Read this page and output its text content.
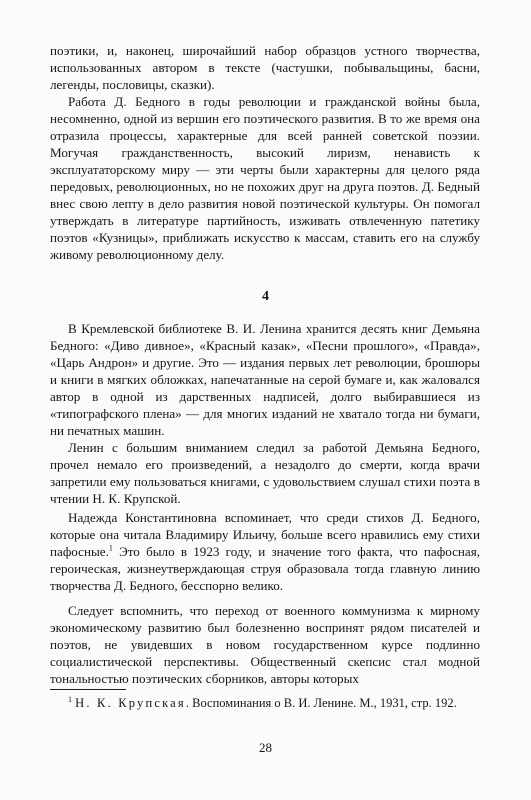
поэтики, и, наконец, широчайший набор образцов устного творчества, использованных автором в тексте (частушки, побывальщины, басни, легенды, пословицы, сказки).

Работа Д. Бедного в годы революции и гражданской войны была, несомненно, одной из вершин его поэтического развития. В то же время она отразила процессы, характерные для всей ранней советской поэзии. Могучая гражданственность, высокий лиризм, ненависть к эксплуататорскому миру — эти черты были характерны для целого ряда передовых, революционных, но не похожих друг на друга поэтов. Д. Бедный внес свою лепту в дело развития новой поэтической культуры. Он помогал утверждать в литературе партийность, изживать отвлеченную патетику поэтов «Кузницы», приближать искусство к массам, ставить его на службу живому революционному делу.

4

В Кремлевской библиотеке В. И. Ленина хранится десять книг Демьяна Бедного: «Диво дивное», «Красный казак», «Песни прошлого», «Правда», «Царь Андрон» и другие. Это — издания первых лет революции, брошюры и книги в мягких обложках, напечатанные на серой бумаге и, как жаловался автор в одной из дарственных надписей, долго выбиравшиеся из «типографского плена» — для многих изданий не хватало тогда ни бумаги, ни печатных машин.

Ленин с большим вниманием следил за работой Демьяна Бедного, прочел немало его произведений, а незадолго до смерти, когда врачи запретили ему пользоваться книгами, с удовольствием слушал стихи поэта в чтении Н. К. Крупской.

Надежда Константиновна вспоминает, что среди стихов Д. Бедного, которые она читала Владимиру Ильичу, больше всего нравились ему стихи пафосные.$^1$ Это было в 1923 году, и значение того факта, что пафосная, героическая, жизнеутверждающая струя образовала тогда главную линию творчества Д. Бедного, бесспорно велико.

Следует вспомнить, что переход от военного коммунизма к мирному экономическому развитию был болезненно воспринят рядом писателей и поэтов, не увидевших в новом государственном курсе подлинно социалистической перспективы. Общественный скепсис стал модной тональностью поэтических сборников, авторы которых

$^1$ Н. К. Крупская. Воспоминания о В. И. Ленине. М., 1931, стр. 192.
28
